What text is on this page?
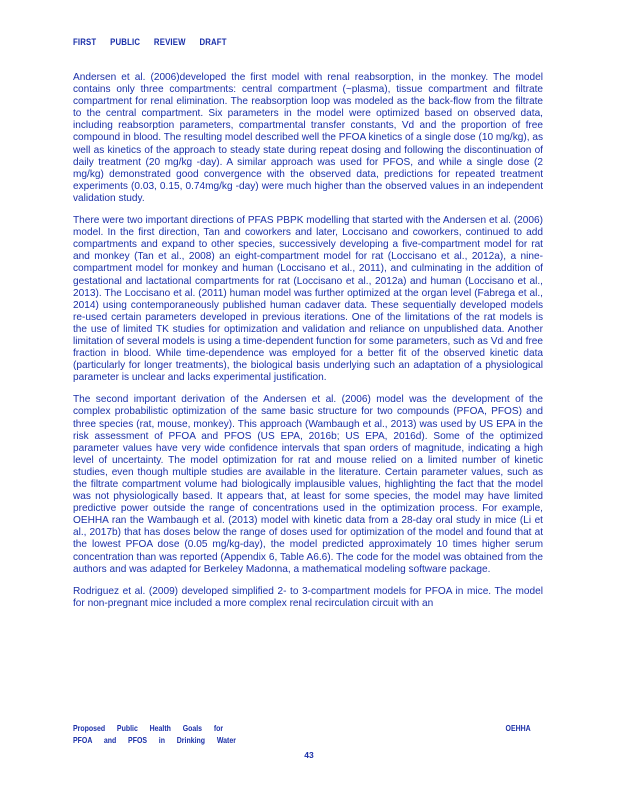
FIRST PUBLIC REVIEW DRAFT

Andersen et al. (2006)developed the first model with renal reabsorption, in the monkey. The model contains only three compartments: central compartment (~plasma), tissue compartment and filtrate compartment for renal elimination. The reabsorption loop was modeled as the back-flow from the filtrate to the central compartment. Six parameters in the model were optimized based on observed data, including reabsorption parameters, compartmental transfer constants, Vd and the proportion of free compound in blood. The resulting model described well the PFOA kinetics of a single dose (10 mg/kg), as well as kinetics of the approach to steady state during repeat dosing and following the discontinuation of daily treatment (20 mg/kg -day). A similar approach was used for PFOS, and while a single dose (2 mg/kg) demonstrated good convergence with the observed data, predictions for repeated treatment experiments (0.03, 0.15, 0.74mg/kg -day) were much higher than the observed values in an independent validation study.

There were two important directions of PFAS PBPK modelling that started with the Andersen et al. (2006) model. In the first direction, Tan and coworkers and later, Loccisano and coworkers, continued to add compartments and expand to other species, successively developing a five-compartment model for rat and monkey (Tan et al., 2008) an eight-compartment model for rat (Loccisano et al., 2012a), a nine-compartment model for monkey and human (Loccisano et al., 2011), and culminating in the addition of gestational and lactational compartments for rat (Loccisano et al., 2012a) and human (Loccisano et al., 2013). The Loccisano et al. (2011) human model was further optimized at the organ level (Fabrega et al., 2014) using contemporaneously published human cadaver data. These sequentially developed models re-used certain parameters developed in previous iterations. One of the limitations of the rat models is the use of limited TK studies for optimization and validation and reliance on unpublished data. Another limitation of several models is using a time-dependent function for some parameters, such as Vd and free fraction in blood. While time-dependence was employed for a better fit of the observed kinetic data (particularly for longer treatments), the biological basis underlying such an adaptation of a physiological parameter is unclear and lacks experimental justification.

The second important derivation of the Andersen et al. (2006) model was the development of the complex probabilistic optimization of the same basic structure for two compounds (PFOA, PFOS) and three species (rat, mouse, monkey). This approach (Wambaugh et al., 2013) was used by US EPA in the risk assessment of PFOA and PFOS (US EPA, 2016b; US EPA, 2016d). Some of the optimized parameter values have very wide confidence intervals that span orders of magnitude, indicating a high level of uncertainty. The model optimization for rat and mouse relied on a limited number of kinetic studies, even though multiple studies are available in the literature. Certain parameter values, such as the filtrate compartment volume had biologically implausible values, highlighting the fact that the model was not physiologically based. It appears that, at least for some species, the model may have limited predictive power outside the range of concentrations used in the optimization process. For example, OEHHA ran the Wambaugh et al. (2013) model with kinetic data from a 28-day oral study in mice (Li et al., 2017b) that has doses below the range of doses used for optimization of the model and found that at the lowest PFOA dose (0.05 mg/kg-day), the model predicted approximately 10 times higher serum concentration than was reported (Appendix 6, Table A6.6). The code for the model was obtained from the authors and was adapted for Berkeley Madonna, a mathematical modeling software package.

Rodriguez et al. (2009) developed simplified 2- to 3-compartment models for PFOA in mice. The model for non-pregnant mice included a more complex renal recirculation circuit with an

Proposed Public Health Goals for	OEHHA
PFOA and PFOS in Drinking Water
43
